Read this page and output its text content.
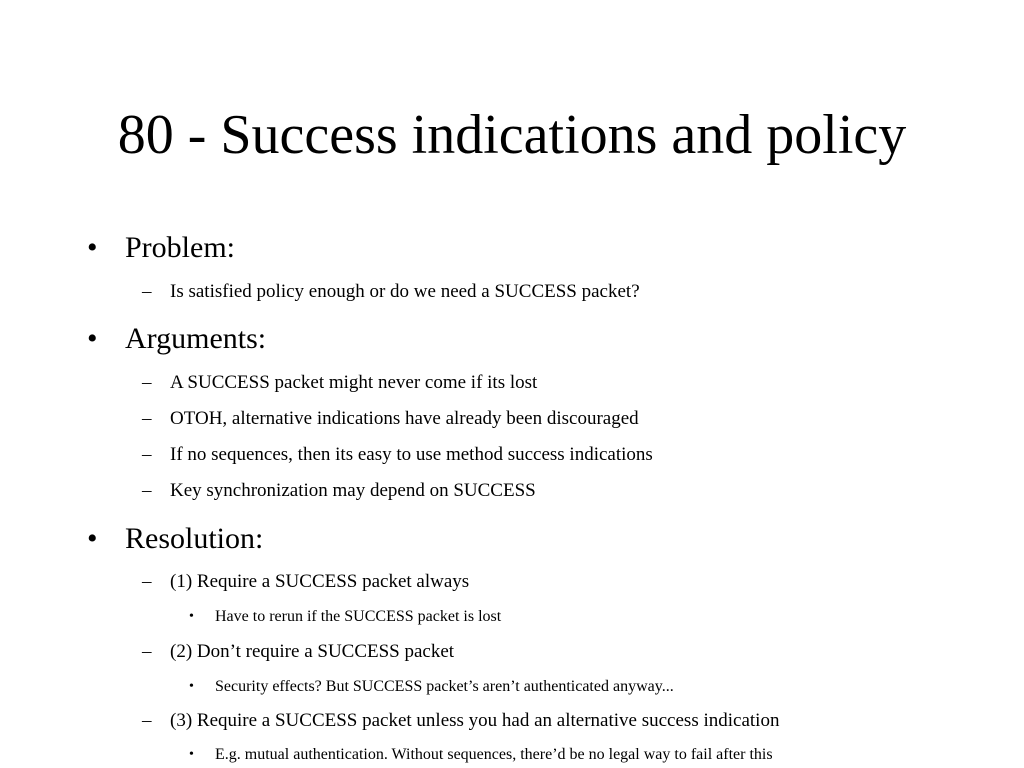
80 - Success indications and policy
• Problem:
– Is satisfied policy enough or do we need a SUCCESS packet?
• Arguments:
– A SUCCESS packet might never come if its lost
– OTOH, alternative indications have already been discouraged
– If no sequences, then its easy to use method success indications
– Key synchronization may depend on SUCCESS
• Resolution:
– (1) Require a SUCCESS packet always
• Have to rerun if the SUCCESS packet is lost
– (2) Don’t require a SUCCESS packet
• Security effects? But SUCCESS packet’s aren’t authenticated anyway...
– (3) Require a SUCCESS packet unless you had an alternative success indication
• E.g. mutual authentication. Without sequences, there’d be no legal way to fail after this
